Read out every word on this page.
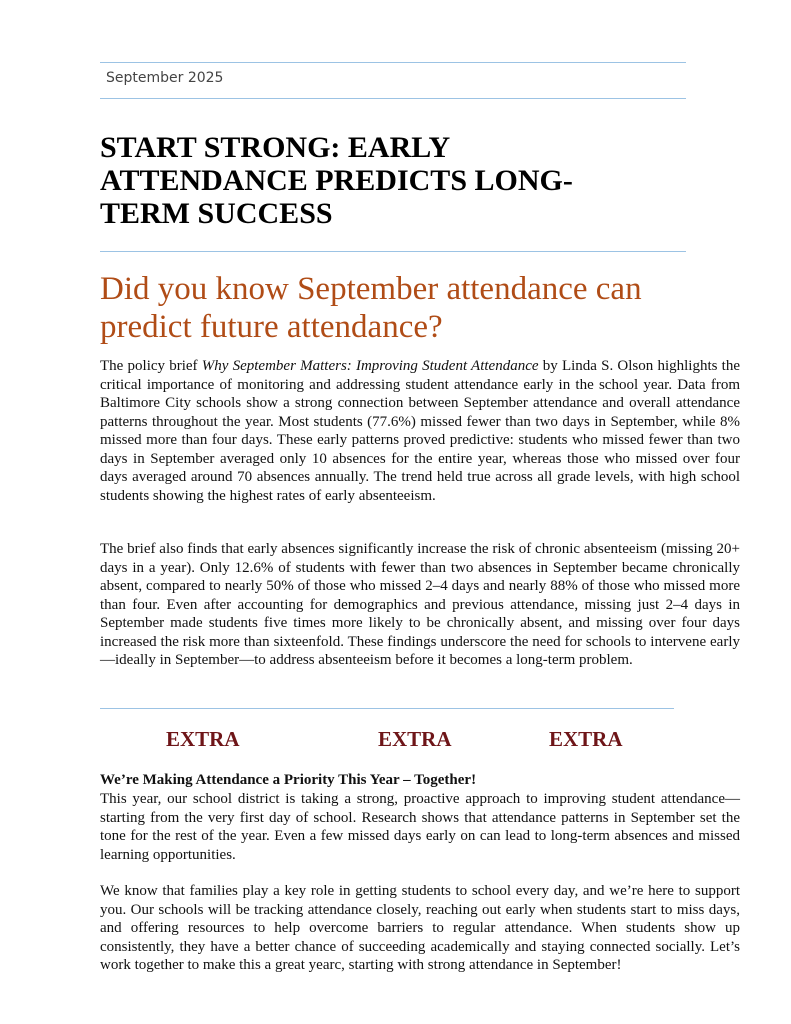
September 2025
START STRONG: EARLY ATTENDANCE PREDICTS LONG-TERM SUCCESS
Did you know September attendance can predict future attendance?

The policy brief Why September Matters: Improving Student Attendance by Linda S. Olson highlights the critical importance of monitoring and addressing student attendance early in the school year. Data from Baltimore City schools show a strong connection between September attendance and overall attendance patterns throughout the year. Most students (77.6%) missed fewer than two days in September, while 8% missed more than four days. These early patterns proved predictive: students who missed fewer than two days in September averaged only 10 absences for the entire year, whereas those who missed over four days averaged around 70 absences annually. The trend held true across all grade levels, with high school students showing the highest rates of early absenteeism.

The brief also finds that early absences significantly increase the risk of chronic absenteeism (missing 20+ days in a year). Only 12.6% of students with fewer than two absences in September became chronically absent, compared to nearly 50% of those who missed 2–4 days and nearly 88% of those who missed more than four. Even after accounting for demographics and previous attendance, missing just 2–4 days in September made students five times more likely to be chronically absent, and missing over four days increased the risk more than sixteenfold. These findings underscore the need for schools to intervene early—ideally in September—to address absenteeism before it becomes a long-term problem.

EXTRA	EXTRA	EXTRA

We’re Making Attendance a Priority This Year – Together!

This year, our school district is taking a strong, proactive approach to improving student attendance—starting from the very first day of school. Research shows that attendance patterns in September set the tone for the rest of the year. Even a few missed days early on can lead to long-term absences and missed learning opportunities.

We know that families play a key role in getting students to school every day, and we’re here to support you. Our schools will be tracking attendance closely, reaching out early when students start to miss days, and offering resources to help overcome barriers to regular attendance. When students show up consistently, they have a better chance of succeeding academically and staying connected socially. Let’s work together to make this a great yearc, starting with strong attendance in September!
